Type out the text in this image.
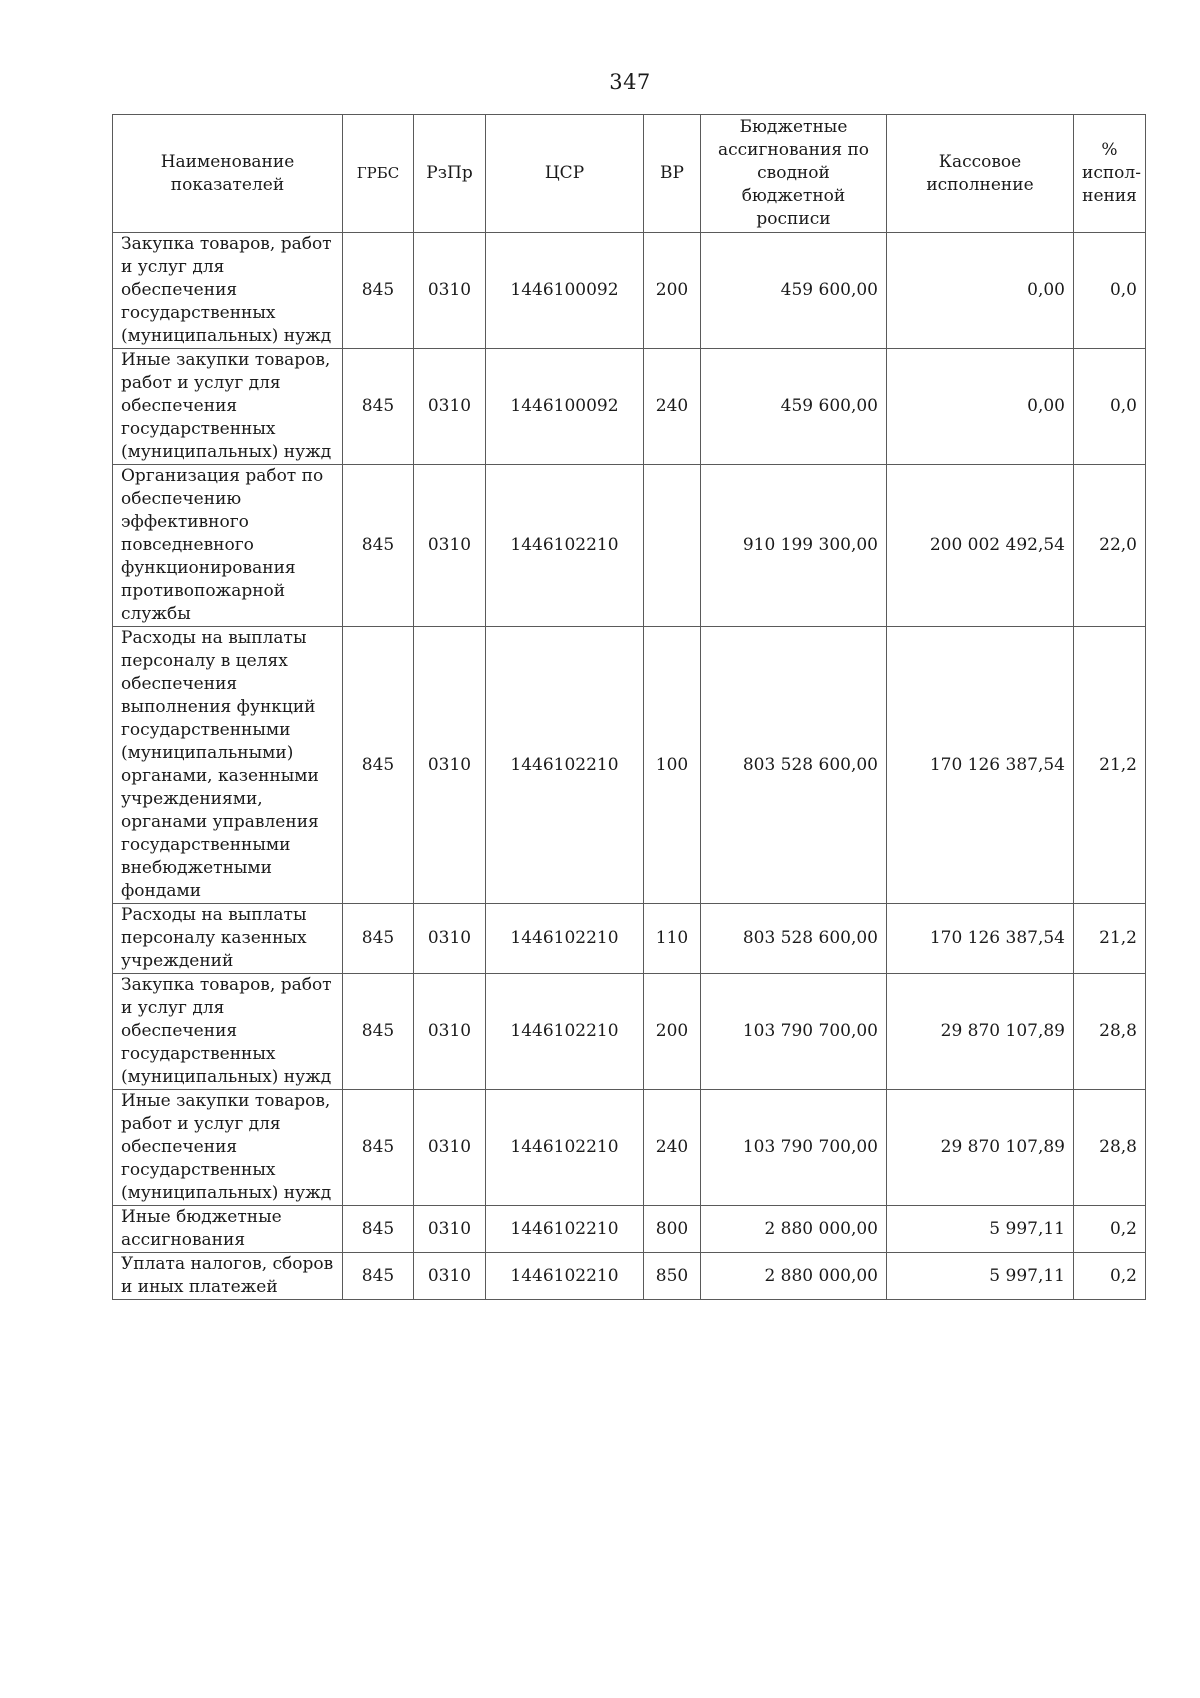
347
Наименование показателей	ГРБС	РзПр	ЦСР	ВР	Бюджетные ассигнования по сводной бюджетной росписи	Кассовое исполнение	% испол-нения
Закупка товаров, работ и услуг для обеспечения государственных (муниципальных) нужд	845	0310	1446100092	200	459 600,00	0,00	0,0
Иные закупки товаров, работ и услуг для обеспечения государственных (муниципальных) нужд	845	0310	1446100092	240	459 600,00	0,00	0,0
Организация работ по обеспечению эффективного повседневного функционирования противопожарной службы	845	0310	1446102210		910 199 300,00	200 002 492,54	22,0
Расходы на выплаты персоналу в целях обеспечения выполнения функций государственными (муниципальными) органами, казенными учреждениями, органами управления государственными внебюджетными фондами	845	0310	1446102210	100	803 528 600,00	170 126 387,54	21,2
Расходы на выплаты персоналу казенных учреждений	845	0310	1446102210	110	803 528 600,00	170 126 387,54	21,2
Закупка товаров, работ и услуг для обеспечения государственных (муниципальных) нужд	845	0310	1446102210	200	103 790 700,00	29 870 107,89	28,8
Иные закупки товаров, работ и услуг для обеспечения государственных (муниципальных) нужд	845	0310	1446102210	240	103 790 700,00	29 870 107,89	28,8
Иные бюджетные ассигнования	845	0310	1446102210	800	2 880 000,00	5 997,11	0,2
Уплата налогов, сборов и иных платежей	845	0310	1446102210	850	2 880 000,00	5 997,11	0,2
